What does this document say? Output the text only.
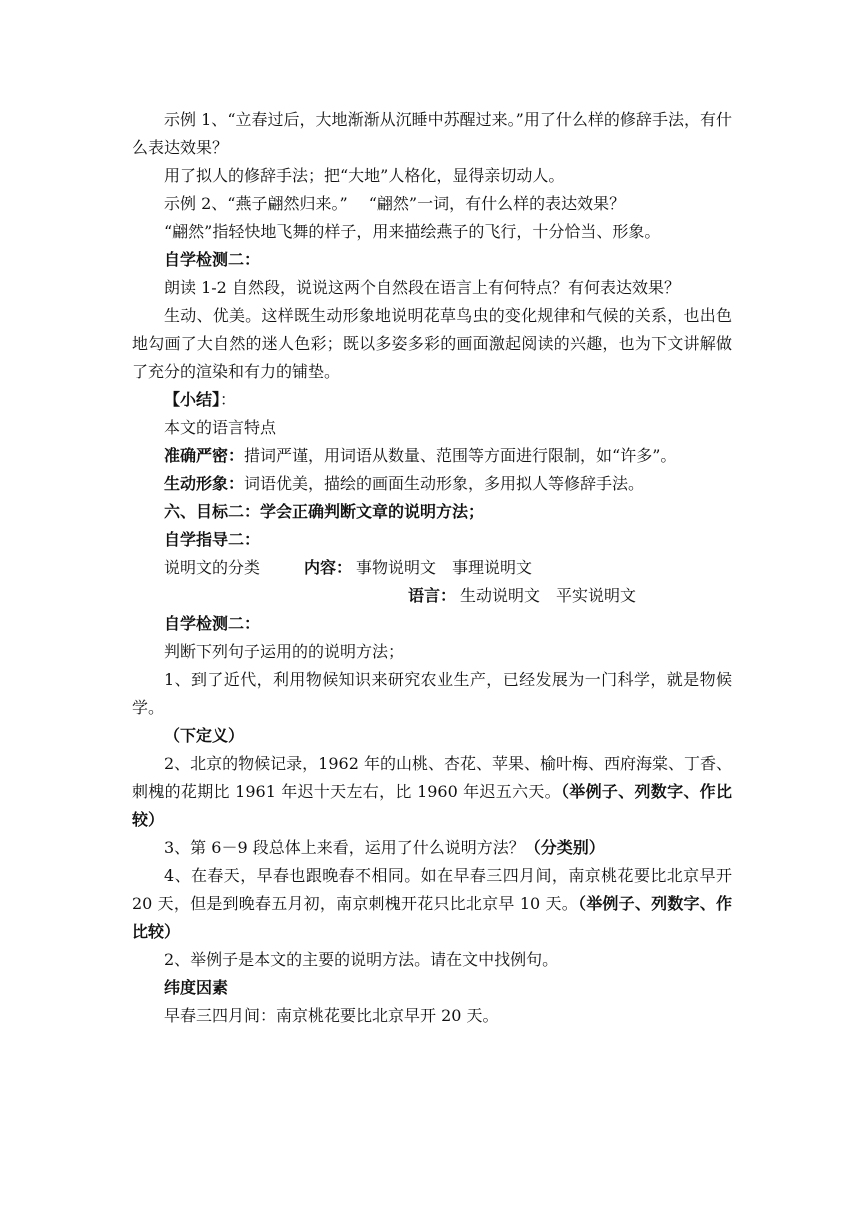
示例 1、“立春过后，大地渐渐从沉睡中苏醒过来。”用了什么样的修辞手法，有什么表达效果？

用了拟人的修辞手法；把“大地”人格化，显得亲切动人。

示例 2、“燕子翩然归来。”　 “翩然”一词，有什么样的表达效果？

“翩然”指轻快地飞舞的样子，用来描绘燕子的飞行，十分恰当、形象。

自学检测二：

朗读 1-2 自然段，说说这两个自然段在语言上有何特点？有何表达效果？

生动、优美。这样既生动形象地说明花草鸟虫的变化规律和气候的关系，也出色地勾画了大自然的迷人色彩；既以多姿多彩的画面激起阅读的兴趣，也为下文讲解做了充分的渲染和有力的铺垫。

【小结】：

本文的语言特点

准确严密：措词严谨，用词语从数量、范围等方面进行限制，如“许多”。

生动形象：词语优美，描绘的画面生动形象，多用拟人等修辞手法。

六、目标二：学会正确判断文章的说明方法；

自学指导二：

说明文的分类	内容： 事物说明文　事理说明文
语言： 生动说明文　平实说明文

自学检测二：

判断下列句子运用的的说明方法；

1、到了近代，利用物候知识来研究农业生产，已经发展为一门科学，就是物候学。

（下定义）

2、北京的物候记录，1962 年的山桃、杏花、苹果、榆叶梅、西府海棠、丁香、刺槐的花期比 1961 年迟十天左右，比 1960 年迟五六天。（举例子、列数字、作比较）

3、第 6－9 段总体上来看，运用了什么说明方法？（分类别）

4、在春天，早春也跟晚春不相同。如在早春三四月间，南京桃花要比北京早开 20 天，但是到晚春五月初，南京刺槐开花只比北京早 10 天。（举例子、列数字、作比较）

2、举例子是本文的主要的说明方法。请在文中找例句。

纬度因素

早春三四月间：南京桃花要比北京早开 20 天。
